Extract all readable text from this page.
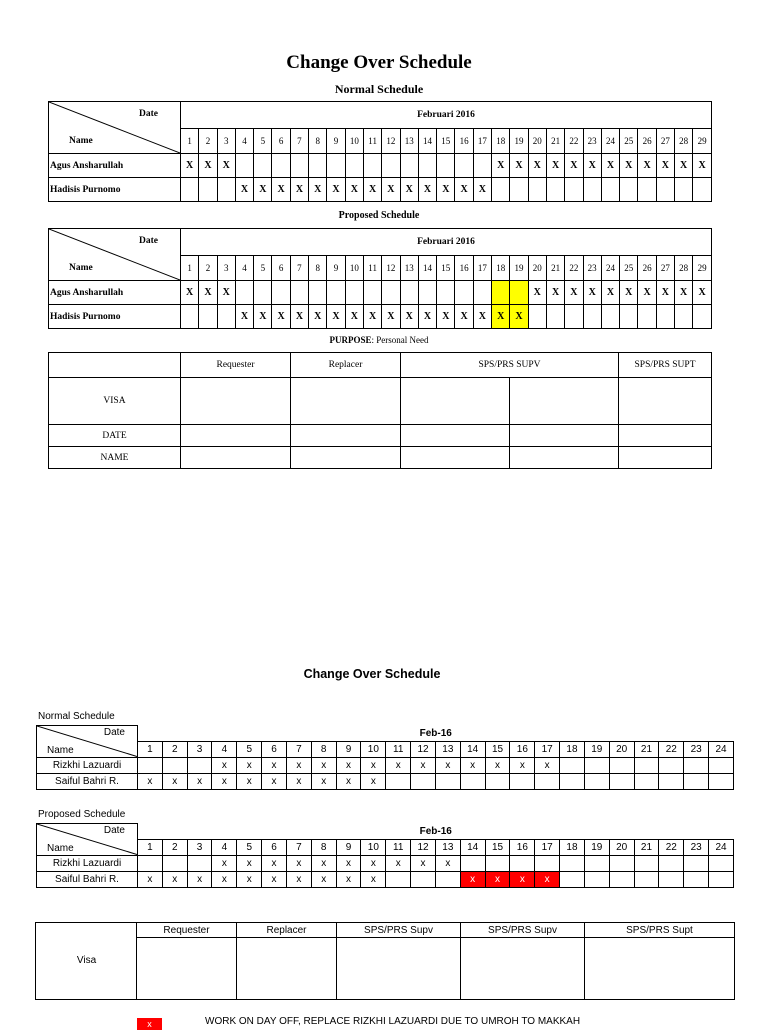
Change Over Schedule
Normal Schedule
Date
Name	Februari 2016																												
	1	2	3	4	5	6	7	8	9	10	11	12	13	14	15	16	17	18	19	20	21	22	23	24	25	26	27	28	29
Agus Ansharullah	X	X	X															X	X	X	X	X	X	X	X	X	X	X	X
Hadisis Purnomo				X	X	X	X	X	X	X	X	X	X	X	X	X	X												
Proposed Schedule
Date
Name	Februari 2016																												
	1	2	3	4	5	6	7	8	9	10	11	12	13	14	15	16	17	18	19	20	21	22	23	24	25	26	27	28	29
Agus Ansharullah	X	X	X																	X	X	X	X	X	X	X	X	X	X
Hadisis Purnomo				X	X	X	X	X	X	X	X	X	X	X	X	X	X	X	X										
PURPOSE: Personal Need
	Requester	Replacer	SPS/PRS SUPV		SPS/PRS SUPT
VISA					
DATE					
NAME					
Change Over Schedule
Normal Schedule
Date
Name	Feb-16																							
	1	2	3	4	5	6	7	8	9	10	11	12	13	14	15	16	17	18	19	20	21	22	23	24
Rizkhi Lazuardi				x	x	x	x	x	x	x	x	x	x	x	x	x	x							
Saiful Bahri R.	x	x	x	x	x	x	x	x	x	x														
Proposed Schedule
Date
Name	Feb-16																							
	1	2	3	4	5	6	7	8	9	10	11	12	13	14	15	16	17	18	19	20	21	22	23	24
Rizkhi Lazuardi				x	x	x	x	x	x	x	x	x	x											
Saiful Bahri R.	x	x	x	x	x	x	x	x	x	x				x	x	x	x							
	Requester	Replacer	SPS/PRS Supv	SPS/PRS Supv	SPS/PRS Supt

Visa
x	WORK ON DAY OFF, REPLACE RIZKHI LAZUARDI DUE TO UMROH TO MAKKAH
